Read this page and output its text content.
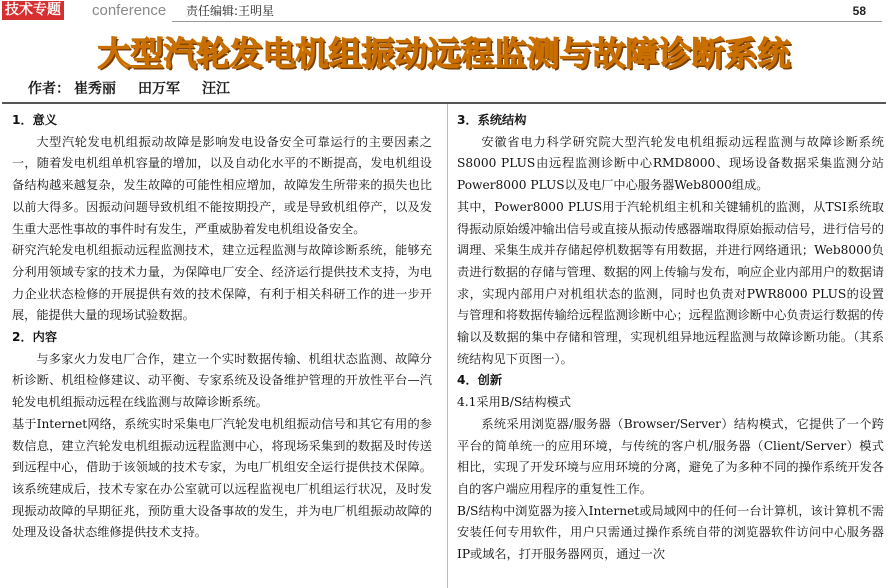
技术专题 conference 责任编辑:王明星	58
大型汽轮发电机组振动远程监测与故障诊断系统
作者： 崔秀丽 田万军 汪江
1．意义

大型汽轮发电机组振动故障是影响发电设备安全可靠运行的主要因素之一，随着发电机组单机容量的增加，以及自动化水平的不断提高，发电机组设备结构越来越复杂，发生故障的可能性相应增加，故障发生所带来的损失也比以前大得多。因振动问题导致机组不能按期投产，或是导致机组停产，以及发生重大恶性事故的事件时有发生，严重威胁着发电机组设备安全。

研究汽轮发电机组振动远程监测技术，建立远程监测与故障诊断系统，能够充分利用领域专家的技术力量，为保障电厂安全、经济运行提供技术支持，为电力企业状态检修的开展提供有效的技术保障，有利于相关科研工作的进一步开展，能提供大量的现场试验数据。

2．内容

与多家火力发电厂合作，建立一个实时数据传输、机组状态监测、故障分析诊断、机组检修建议、动平衡、专家系统及设备维护管理的开放性平台—汽轮发电机组振动远程在线监测与故障诊断系统。

基于Internet网络，系统实时采集电厂汽轮发电机组振动信号和其它有用的参数信息，建立汽轮发电机组振动远程监测中心，将现场采集到的数据及时传送到远程中心，借助于该领域的技术专家，为电厂机组安全运行提供技术保障。该系统建成后，技术专家在办公室就可以远程监视电厂机组运行状况，及时发现振动故障的早期征兆，预防重大设备事故的发生，并为电厂机组振动故障的处理及设备状态维修提供技术支持。

3．系统结构

安徽省电力科学研究院大型汽轮发电机组振动远程监测与故障诊断系统S8000 PLUS由远程监测诊断中心RMD8000、现场设备数据采集监测分站Power8000 PLUS以及电厂中心服务器Web8000组成。

其中，Power8000 PLUS用于汽轮机组主机和关键辅机的监测，从TSI系统取得振动原始缓冲输出信号或直接从振动传感器端取得原始振动信号，进行信号的调理、采集生成并存储起停机数据等有用数据，并进行网络通讯；Web8000负责进行数据的存储与管理、数据的网上传输与发布，响应企业内部用户的数据请求，实现内部用户对机组状态的监测，同时也负责对PWR8000 PLUS的设置与管理和将数据传输给远程监测诊断中心；远程监测诊断中心负责运行数据的传输以及数据的集中存储和管理，实现机组异地远程监测与故障诊断功能。（其系统结构见下页图一）。

4．创新
4.1采用B/S结构模式

系统采用浏览器/服务器（Browser/Server）结构模式，它提供了一个跨平台的简单统一的应用环境，与传统的客户机/服务器（Client/Server）模式相比，实现了开发环境与应用环境的分离，避免了为多种不同的操作系统开发各自的客户端应用程序的重复性工作。

B/S结构中浏览器为接入Internet或局域网中的任何一台计算机，该计算机不需安装任何专用软件，用户只需通过操作系统自带的浏览器软件访问中心服务器IP或域名，打开服务器网页，通过一次
